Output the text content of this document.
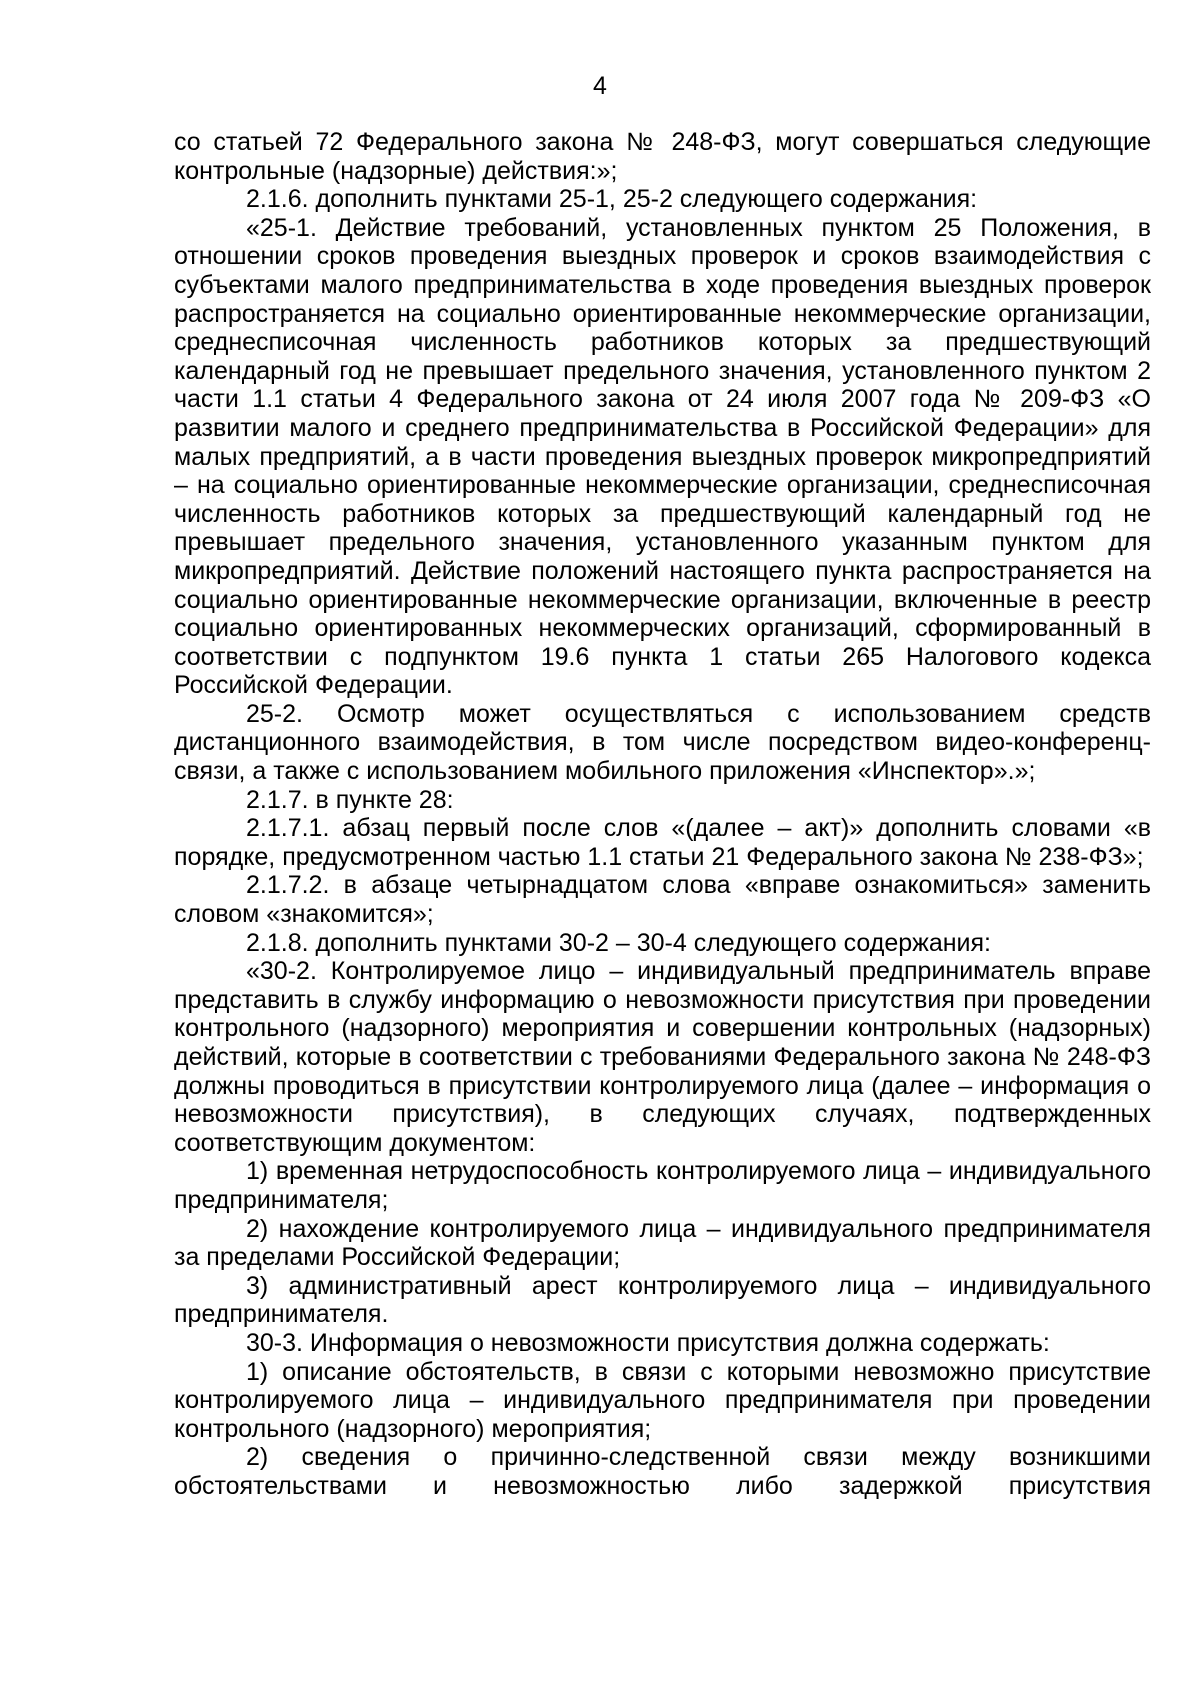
4

со статьей 72 Федерального закона № 248-ФЗ, могут совершаться следующие контрольные (надзорные) действия:»;

2.1.6. дополнить пунктами 25-1, 25-2 следующего содержания:

«25-1. Действие требований, установленных пунктом 25 Положения, в отношении сроков проведения выездных проверок и сроков взаимодействия с субъектами малого предпринимательства в ходе проведения выездных проверок распространяется на социально ориентированные некоммерческие организации, среднесписочная численность работников которых за предшествующий календарный год не превышает предельного значения, установленного пунктом 2 части 1.1 статьи 4 Федерального закона от 24 июля 2007 года № 209-ФЗ «О развитии малого и среднего предпринимательства в Российской Федерации» для малых предприятий, а в части проведения выездных проверок микропредприятий – на социально ориентированные некоммерческие организации, среднесписочная численность работников которых за предшествующий календарный год не превышает предельного значения, установленного указанным пунктом для микропредприятий. Действие положений настоящего пункта распространяется на социально ориентированные некоммерческие организации, включенные в реестр социально ориентированных некоммерческих организаций, сформированный в соответствии с подпунктом 19.6 пункта 1 статьи 265 Налогового кодекса Российской Федерации.

25-2. Осмотр может осуществляться с использованием средств дистанционного взаимодействия, в том числе посредством видео-конференц-связи, а также с использованием мобильного приложения «Инспектор».»;

2.1.7. в пункте 28:

2.1.7.1. абзац первый после слов «(далее – акт)» дополнить словами «в порядке, предусмотренном частью 1.1 статьи 21 Федерального закона № 238-ФЗ»;

2.1.7.2. в абзаце четырнадцатом слова «вправе ознакомиться» заменить словом «знакомится»;

2.1.8. дополнить пунктами 30-2 – 30-4 следующего содержания:

«30-2. Контролируемое лицо – индивидуальный предприниматель вправе представить в службу информацию о невозможности присутствия при проведении контрольного (надзорного) мероприятия и совершении контрольных (надзорных) действий, которые в соответствии с требованиями Федерального закона № 248-ФЗ должны проводиться в присутствии контролируемого лица (далее – информация о невозможности присутствия), в следующих случаях, подтвержденных соответствующим документом:

1) временная нетрудоспособность контролируемого лица – индивидуального предпринимателя;

2) нахождение контролируемого лица – индивидуального предпринимателя за пределами Российской Федерации;

3) административный арест контролируемого лица – индивидуального предпринимателя.

30-3. Информация о невозможности присутствия должна содержать:

1) описание обстоятельств, в связи с которыми невозможно присутствие контролируемого лица – индивидуального предпринимателя при проведении контрольного (надзорного) мероприятия;

2) сведения о причинно-следственной связи между возникшими обстоятельствами и невозможностью либо задержкой присутствия
